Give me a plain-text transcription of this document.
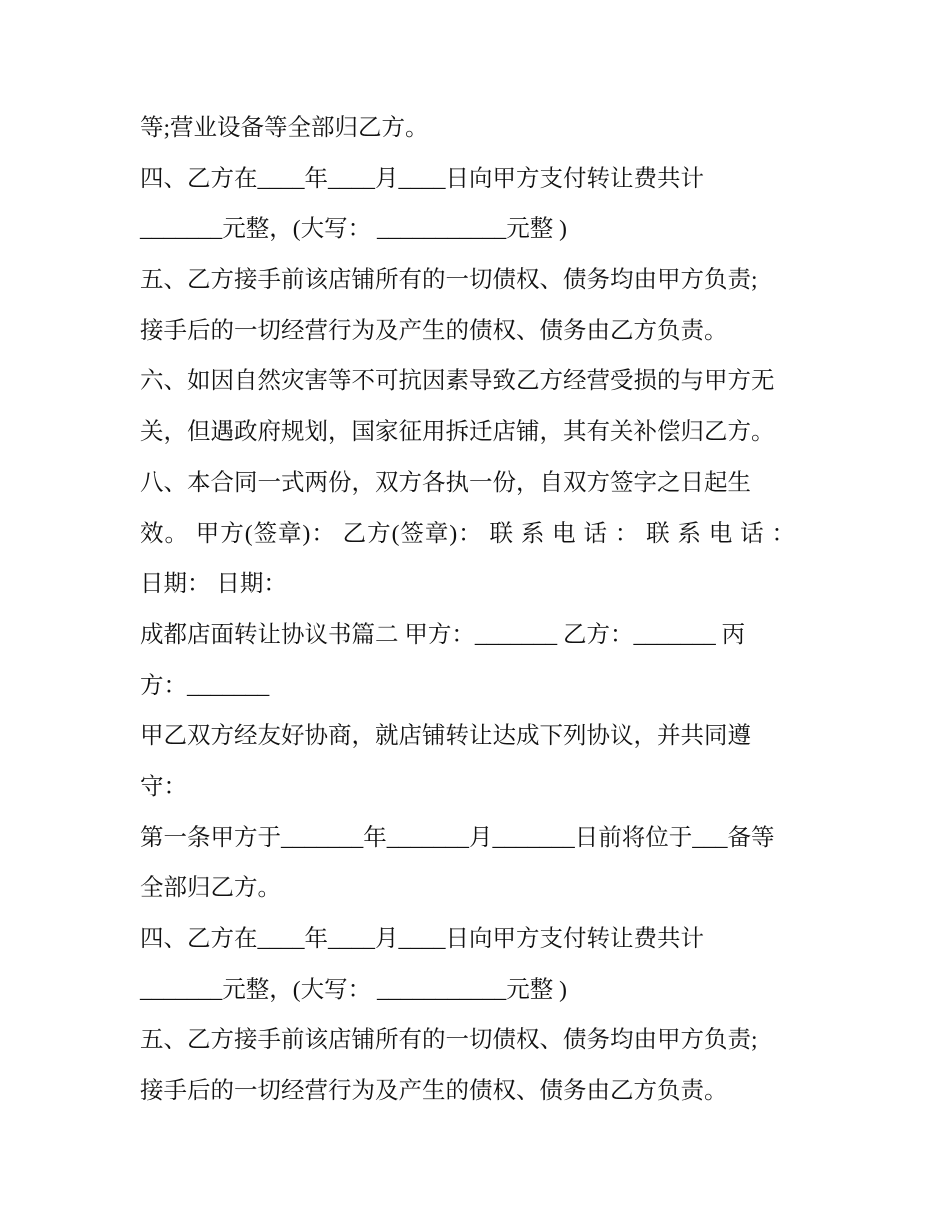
等;营业设备等全部归乙方。
四、乙方在____年____月____日向甲方支付转让费共计
_______元整，(大写： ___________元整 )
五、乙方接手前该店铺所有的一切债权、债务均由甲方负责;
接手后的一切经营行为及产生的债权、债务由乙方负责。
六、如因自然灾害等不可抗因素导致乙方经营受损的与甲方无
关，但遇政府规划，国家征用拆迁店铺，其有关补偿归乙方。
八、本合同一式两份，双方各执一份，自双方签字之日起生
效。 甲方(签章)： 乙方(签章)： 联 系 电 话 ： 联 系 电 话 ：
日期： 日期：
成都店面转让协议书篇二 甲方：_______ 乙方：_______ 丙
方：_______
甲乙双方经友好协商，就店铺转让达成下列协议，并共同遵
守：
第一条甲方于_______年_______月_______日前将位于___备等
全部归乙方。
四、乙方在____年____月____日向甲方支付转让费共计
_______元整，(大写： ___________元整 )
五、乙方接手前该店铺所有的一切债权、债务均由甲方负责;
接手后的一切经营行为及产生的债权、债务由乙方负责。
